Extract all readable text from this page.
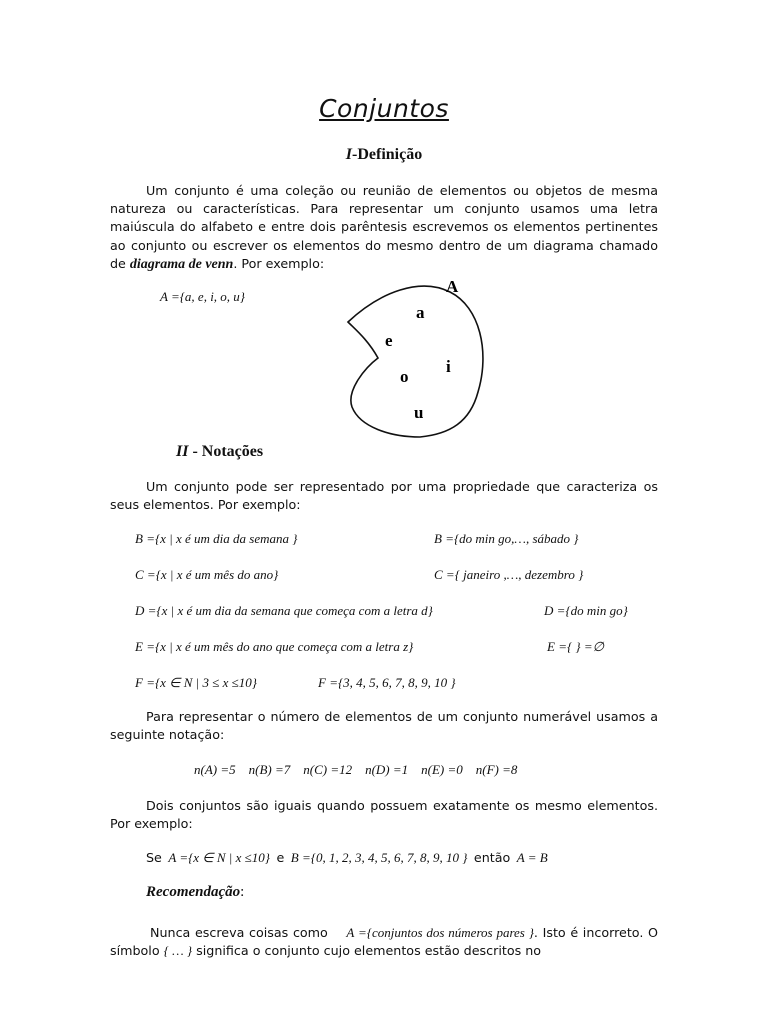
Conjuntos
I-Definição

Um conjunto é uma coleção ou reunião de elementos ou objetos de mesma natureza ou características. Para representar um conjunto usamos uma letra maiúscula do alfabeto e entre dois parêntesis escrevemos os elementos pertinentes ao conjunto ou escrever os elementos do mesmo dentro de um diagrama chamado de diagrama de venn. Por exemplo:

A ={a, e, i, o, u}
A
a
e
i
o
u
II - Notações

Um conjunto pode ser representado por uma propriedade que caracteriza os seus elementos. Por exemplo:

B ={x | x é um dia da semana }	B ={do min go,…, sábado }
C ={x | x é um mês do ano}	C ={ janeiro ,…, dezembro }
D ={x | x é um dia da semana que começa com a letra d}	D ={do min go}
E ={x | x é um mês do ano que começa com a letra z}	E ={ } =∅
F ={x ∈ N | 3 ≤ x ≤10}	F ={3, 4, 5, 6, 7, 8, 9, 10 }

Para representar o número de elementos de um conjunto numerável usamos a seguinte notação:

n(A) =5    n(B) =7    n(C) =12    n(D) =1    n(E) =0    n(F) =8

Dois conjuntos são iguais quando possuem exatamente os mesmo elementos. Por exemplo:

Se A ={x ∈ N | x ≤10} e B ={0, 1, 2, 3, 4, 5, 6, 7, 8, 9, 10 } então A = B
Recomendação:

Nunca escreva coisas como A ={conjuntos dos números pares }. Isto é incorreto. O símbolo { … } significa o conjunto cujo elementos estão descritos no
